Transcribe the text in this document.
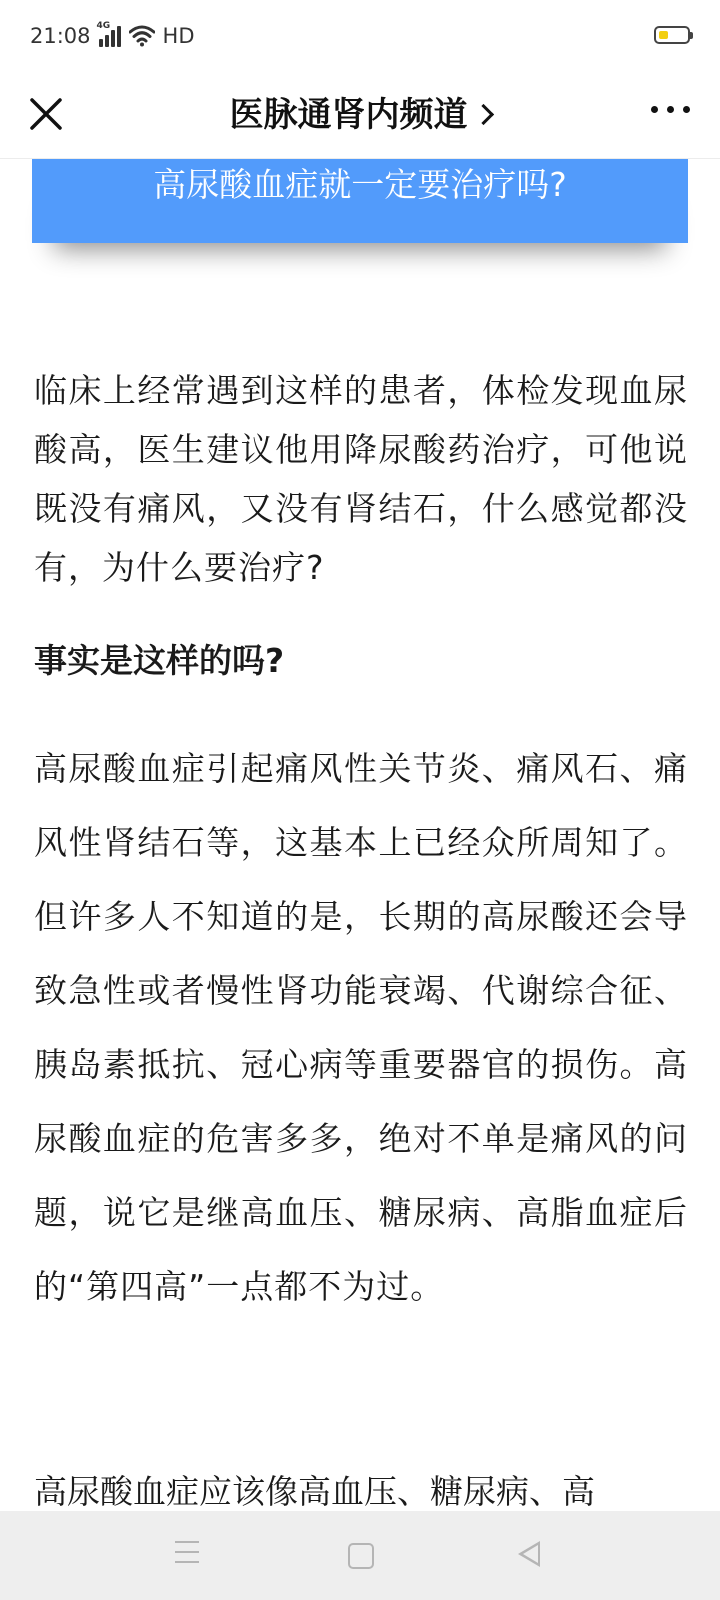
21:08 4G HD
医脉通肾内频道
高尿酸血症就一定要治疗吗?

临床上经常遇到这样的患者，体检发现血尿酸高，医生建议他用降尿酸药治疗，可他说既没有痛风，又没有肾结石，什么感觉都没有，为什么要治疗?

事实是这样的吗?

高尿酸血症引起痛风性关节炎、痛风石、痛风性肾结石等，这基本上已经众所周知了。但许多人不知道的是，长期的高尿酸还会导致急性或者慢性肾功能衰竭、代谢综合征、胰岛素抵抗、冠心病等重要器官的损伤。高尿酸血症的危害多多，绝对不单是痛风的问题，说它是继高血压、糖尿病、高脂血症后的“第四高”一点都不为过。

高尿酸血症应该像高血压、糖尿病、高
